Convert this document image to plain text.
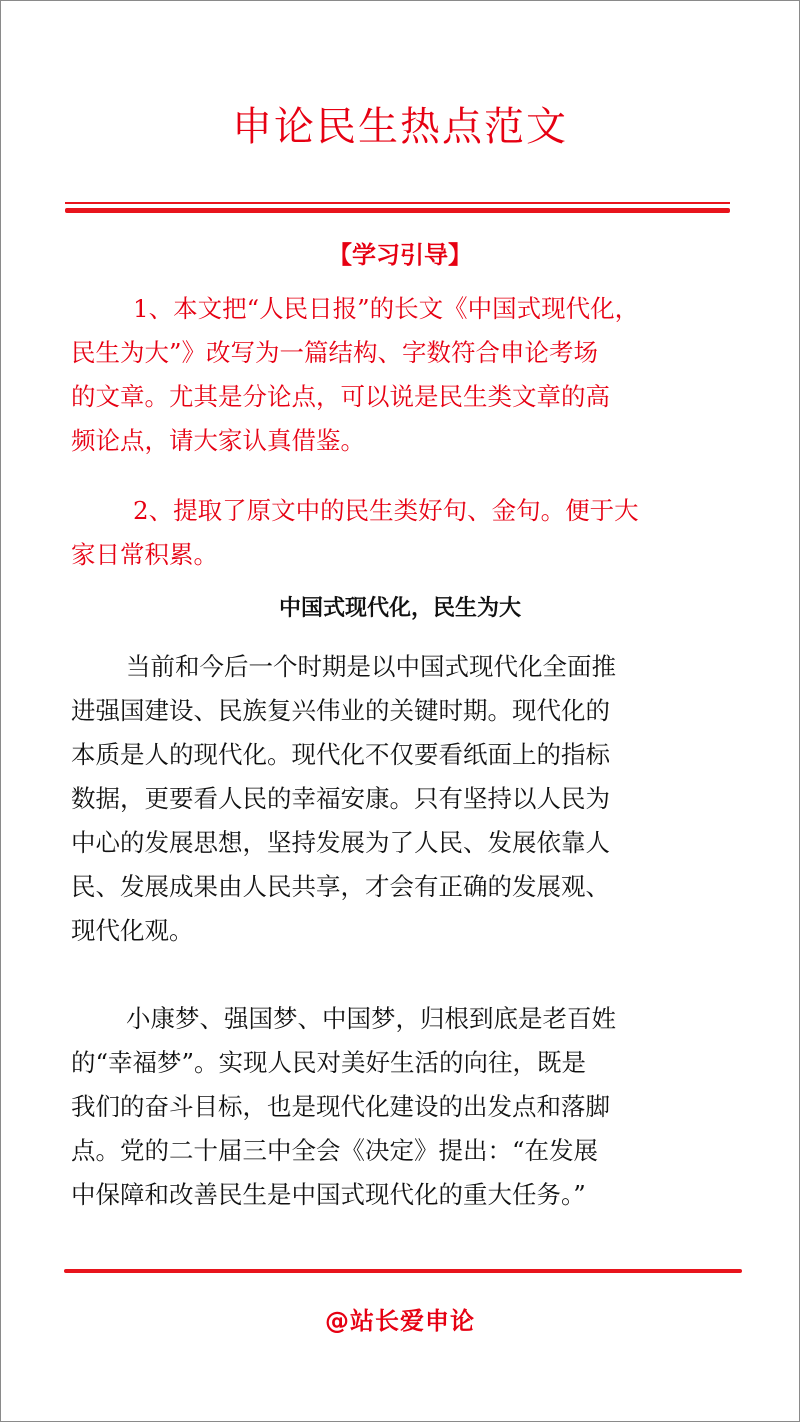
申论民生热点范文
【学习引导】
1、本文把“人民日报”的长文《中国式现代化，
民生为大”》改写为一篇结构、字数符合申论考场
的文章。尤其是分论点，可以说是民生类文章的高
频论点，请大家认真借鉴。
2、提取了原文中的民生类好句、金句。便于大
家日常积累。
中国式现代化，民生为大
当前和今后一个时期是以中国式现代化全面推
进强国建设、民族复兴伟业的关键时期。现代化的
本质是人的现代化。现代化不仅要看纸面上的指标
数据，更要看人民的幸福安康。只有坚持以人民为
中心的发展思想，坚持发展为了人民、发展依靠人
民、发展成果由人民共享，才会有正确的发展观、
现代化观。
小康梦、强国梦、中国梦，归根到底是老百姓
的“幸福梦”。实现人民对美好生活的向往，既是
我们的奋斗目标，也是现代化建设的出发点和落脚
点。党的二十届三中全会《决定》提出：“在发展
中保障和改善民生是中国式现代化的重大任务。”
@站长爱申论
